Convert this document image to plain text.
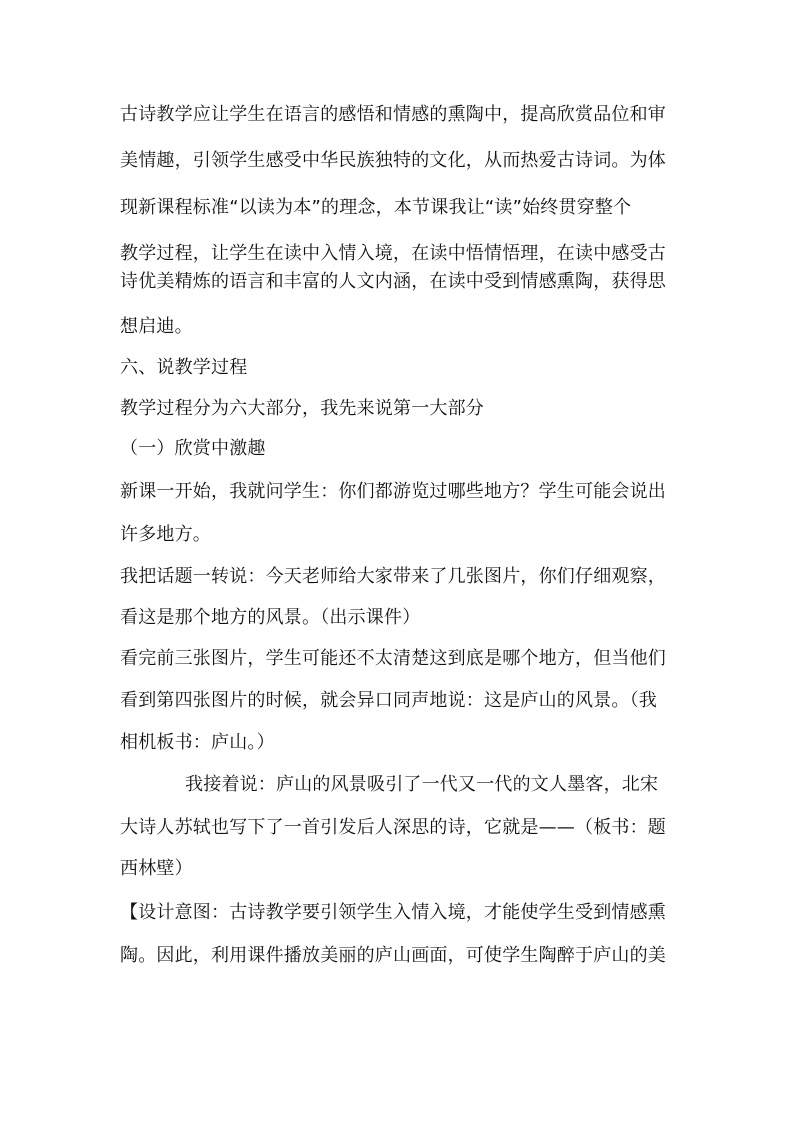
古诗教学应让学生在语言的感悟和情感的熏陶中，提高欣赏品位和审
美情趣，引领学生感受中华民族独特的文化，从而热爱古诗词。为体
现新课程标准“以读为本”的理念，本节课我让“读”始终贯穿整个
教学过程，让学生在读中入情入境，在读中悟情悟理，在读中感受古
诗优美精炼的语言和丰富的人文内涵，在读中受到情感熏陶，获得思
想启迪。
六、说教学过程
教学过程分为六大部分，我先来说第一大部分
（一）欣赏中激趣
新课一开始，我就问学生：你们都游览过哪些地方？学生可能会说出
许多地方。
我把话题一转说：今天老师给大家带来了几张图片，你们仔细观察，
看这是那个地方的风景。（出示课件）
看完前三张图片，学生可能还不太清楚这到底是哪个地方，但当他们
看到第四张图片的时候，就会异口同声地说：这是庐山的风景。（我
相机板书：庐山。）
我接着说：庐山的风景吸引了一代又一代的文人墨客，北宋
大诗人苏轼也写下了一首引发后人深思的诗，它就是——（板书：题
西林壁）
【设计意图：古诗教学要引领学生入情入境，才能使学生受到情感熏
陶。因此，利用课件播放美丽的庐山画面，可使学生陶醉于庐山的美
